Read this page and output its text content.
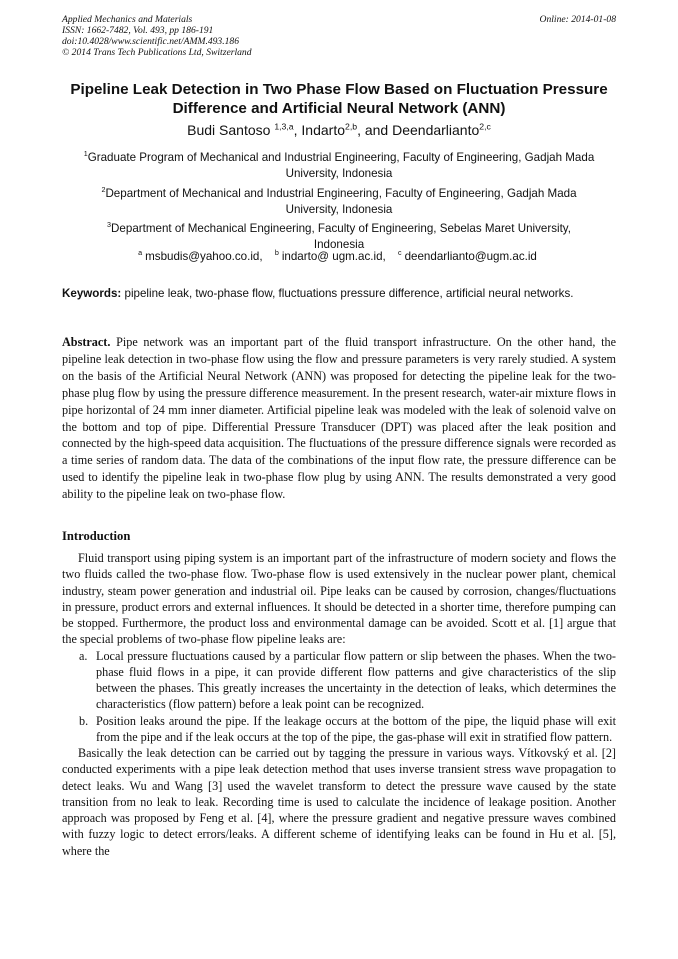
Applied Mechanics and Materials
ISSN: 1662-7482, Vol. 493, pp 186-191
doi:10.4028/www.scientific.net/AMM.493.186
© 2014 Trans Tech Publications Ltd, Switzerland
Online: 2014-01-08
Pipeline Leak Detection in Two Phase Flow Based on Fluctuation Pressure Difference and Artificial Neural Network (ANN)
Budi Santoso $^{1,3,a}$, Indarto$^{2,b}$, and Deendarlianto$^{2,c}$

$^1$Graduate Program of Mechanical and Industrial Engineering, Faculty of Engineering, Gadjah Mada University, Indonesia

$^2$Department of Mechanical and Industrial Engineering, Faculty of Engineering, Gadjah Mada University, Indonesia

$^3$Department of Mechanical Engineering, Faculty of Engineering, Sebelas Maret University, Indonesia

$^a$ msbudis@yahoo.co.id, $^b$ indarto@ ugm.ac.id, $^c$ deendarlianto@ugm.ac.id
Keywords: pipeline leak, two-phase flow, fluctuations pressure difference, artificial neural networks.
Abstract. Pipe network was an important part of the fluid transport infrastructure. On the other hand, the pipeline leak detection in two-phase flow using the flow and pressure parameters is very rarely studied. A system on the basis of the Artificial Neural Network (ANN) was proposed for detecting the pipeline leak for the two-phase plug flow by using the pressure difference measurement. In the present research, water-air mixture flows in pipe horizontal of 24 mm inner diameter. Artificial pipeline leak was modeled with the leak of solenoid valve on the bottom and top of pipe. Differential Pressure Transducer (DPT) was placed after the leak position and connected by the high-speed data acquisition. The fluctuations of the pressure difference signals were recorded as a time series of random data. The data of the combinations of the input flow rate, the pressure difference can be used to identify the pipeline leak in two-phase flow plug by using ANN. The results demonstrated a very good ability to the pipeline leak on two-phase flow.
Introduction

Fluid transport using piping system is an important part of the infrastructure of modern society and flows the two fluids called the two-phase flow. Two-phase flow is used extensively in the nuclear power plant, chemical industry, steam power generation and industrial oil. Pipe leaks can be caused by corrosion, changes/fluctuations in pressure, product errors and external influences. It should be detected in a shorter time, therefore pumping can be stopped. Furthermore, the product loss and environmental damage can be avoided. Scott et al. [1] argue that the special problems of two-phase flow pipeline leaks are:

a. Local pressure fluctuations caused by a particular flow pattern or slip between the phases. When the two-phase fluid flows in a pipe, it can provide different flow patterns and give characteristics of the slip between the phases. This greatly increases the uncertainty in the detection of leaks, which determines the characteristics (flow pattern) before a leak point can be recognized.
b. Position leaks around the pipe. If the leakage occurs at the bottom of the pipe, the liquid phase will exit from the pipe and if the leak occurs at the top of the pipe, the gas-phase will exit in stratified flow pattern.

Basically the leak detection can be carried out by tagging the pressure in various ways. Vítkovský et al. [2] conducted experiments with a pipe leak detection method that uses inverse transient stress wave propagation to detect leaks. Wu and Wang [3] used the wavelet transform to detect the pressure wave caused by the state transition from no leak to leak. Recording time is used to calculate the incidence of leakage position. Another approach was proposed by Feng et al. [4], where the pressure gradient and negative pressure waves combined with fuzzy logic to detect errors/leaks. A different scheme of identifying leaks can be found in Hu et al. [5], where the
